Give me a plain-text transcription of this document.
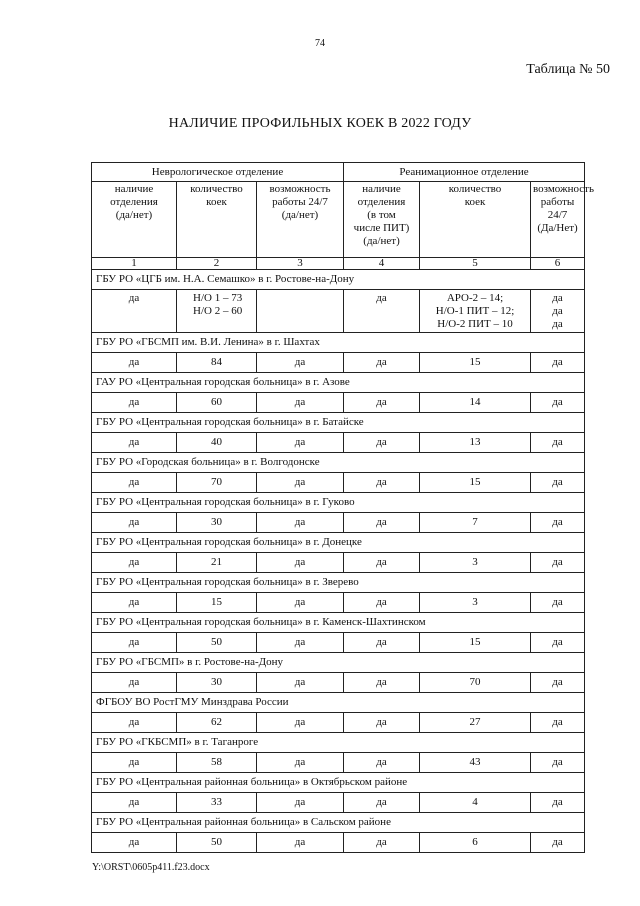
74
Таблица № 50
НАЛИЧИЕ ПРОФИЛЬНЫХ КОЕК В 2022 ГОДУ
Неврологическое отделение			Реанимационное отделение		

наличие
отделения
(да/нет)	количество
коек	возможность
работы 24/7
(да/нет)	наличие
отделения
(в том
числе ПИТ)
(да/нет)	количество
коек	возможность
работы 24/7
(Да/Нет)

1	2	3	4	5	6
ГБУ РО «ЦГБ им. Н.А. Семашко» в г. Ростове-на-Дону					
да	Н/О 1 – 73
Н/О 2 – 60		да	АРО-2 – 14;
Н/О-1 ПИТ – 12;
Н/О-2 ПИТ – 10	да
да
да

ГБУ РО «ГБСМП им. В.И. Ленина» в г. Шахтах					
да	84	да	да	15	да
ГАУ РО «Центральная городская больница» в г. Азове					
да	60	да	да	14	да
ГБУ РО «Центральная городская больница» в г. Батайске					
да	40	да	да	13	да
ГБУ РО «Городская больница» в г. Волгодонске					
да	70	да	да	15	да
ГБУ РО «Центральная городская больница» в г. Гуково					
да	30	да	да	7	да
ГБУ РО «Центральная городская больница» в г. Донецке					
да	21	да	да	3	да
ГБУ РО «Центральная городская больница» в г. Зверево					
да	15	да	да	3	да
ГБУ РО «Центральная городская больница» в г. Каменск-Шахтинском					
да	50	да	да	15	да
ГБУ РО «ГБСМП» в г. Ростове-на-Дону					
да	30	да	да	70	да
ФГБОУ ВО РостГМУ Минздрава России					
да	62	да	да	27	да
ГБУ РО «ГКБСМП» в г. Таганроге					
да	58	да	да	43	да
ГБУ РО «Центральная районная больница» в Октябрьском районе					
да	33	да	да	4	да
ГБУ РО «Центральная районная больница» в Сальском районе					
да	50	да	да	6	да
Y:\ORST\0605p411.f23.docx
